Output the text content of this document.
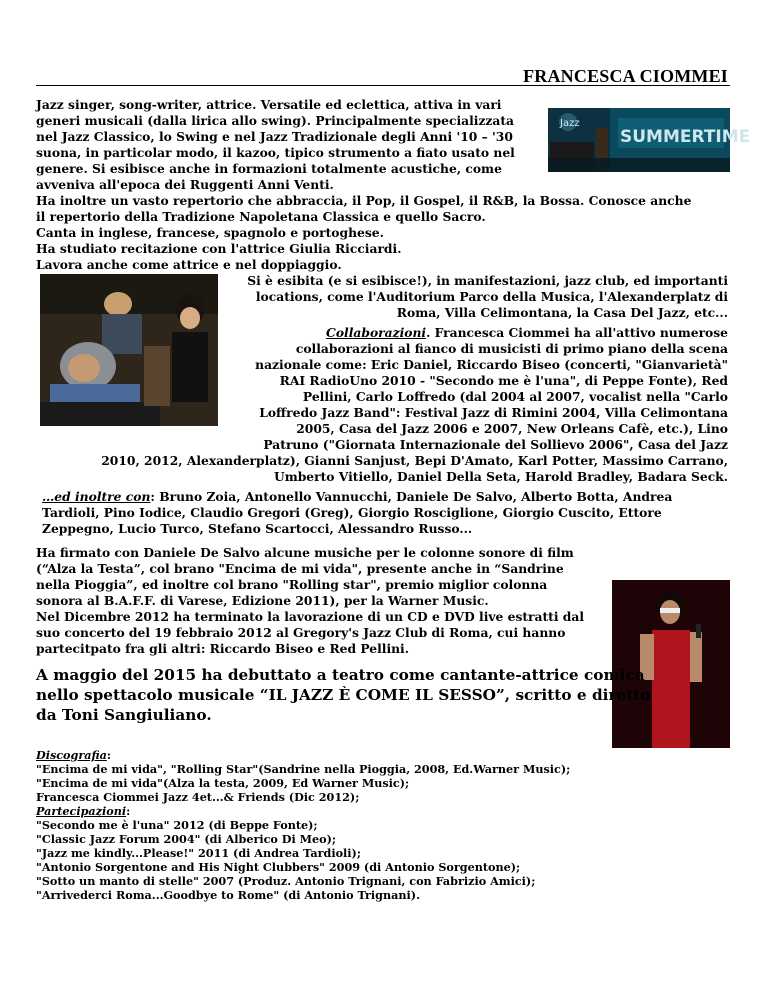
FRANCESCA CIOMMEI
Jazz
SUMMERTIME
Jazz singer, song-writer, attrice. Versatile ed eclettica, attiva in vari
generi musicali (dalla lirica allo swing). Principalmente specializzata
nel Jazz Classico, lo Swing e nel Jazz Tradizionale degli Anni '10 – '30
suona, in particolar modo, il kazoo, tipico strumento a fiato usato nel
genere. Si esibisce anche in formazioni totalmente acustiche, come
avveniva all'epoca dei Ruggenti Anni Venti.
Ha inoltre un vasto repertorio che abbraccia, il Pop, il Gospel, il R&B, la Bossa. Conosce anche
il repertorio della Tradizione Napoletana Classica e quello Sacro.
Canta in inglese, francese, spagnolo e portoghese.
Ha studiato recitazione con l'attrice Giulia Ricciardi.
Lavora anche come attrice e nel doppiaggio.
Si è esibita (e si esibisce!), in manifestazioni, jazz club, ed importanti
locations, come l'Auditorium Parco della Musica, l'Alexanderplatz di
Roma, Villa Celimontana, la Casa Del Jazz, etc...
Collaborazioni. Francesca Ciommei ha all'attivo numerose
collaborazioni al fianco di musicisti di primo piano della scena
nazionale come: Eric Daniel, Riccardo Biseo (concerti, "Gianvarietà"
RAI RadioUno 2010 - "Secondo me è l'una", di Peppe Fonte), Red
Pellini, Carlo Loffredo (dal 2004 al 2007, vocalist nella "Carlo
Loffredo Jazz Band": Festival Jazz di Rimini 2004, Villa Celimontana
2005, Casa del Jazz 2006 e 2007, New Orleans Cafè, etc.), Lino
Patruno ("Giornata Internazionale del Sollievo 2006", Casa del Jazz
2010, 2012, Alexanderplatz), Gianni Sanjust, Bepi D'Amato, Karl Potter, Massimo Carrano,
Umberto Vitiello, Daniel Della Seta, Harold Bradley, Badara Seck.
…ed inoltre con: Bruno Zoia, Antonello Vannucchi, Daniele De Salvo, Alberto Botta, Andrea
Tardioli, Pino Iodice, Claudio Gregori (Greg), Giorgio Rosciglione, Giorgio Cuscito, Ettore
Zeppegno, Lucio Turco, Stefano Scartocci, Alessandro Russo...
Ha firmato con Daniele De Salvo alcune musiche per le colonne sonore di film
(“Alza la Testa”, col brano "Encima de mi vida", presente anche in “Sandrine
nella Pioggia”, ed inoltre col brano "Rolling star", premio miglior colonna
sonora al B.A.F.F. di Varese, Edizione 2011), per la Warner Music.
Nel Dicembre 2012 ha terminato la lavorazione di un CD e DVD live estratti dal
suo concerto del 19 febbraio 2012 al Gregory's Jazz Club di Roma, cui hanno
partecitpato fra gli altri: Riccardo Biseo e Red Pellini.
A maggio del 2015 ha debuttato a teatro come cantante-attrice comica
nello spettacolo musicale “IL JAZZ È COME IL SESSO”, scritto e diretto
da Toni Sangiuliano.
Discografia:
"Encima de mi vida", "Rolling Star"(Sandrine nella Pioggia, 2008, Ed.Warner Music);
"Encima de mi vida"(Alza la testa, 2009, Ed Warner Music);
Francesca Ciommei Jazz 4et...& Friends (Dic 2012);
Partecipazioni:
"Secondo me è l'una" 2012 (di Beppe Fonte);
"Classic Jazz Forum 2004" (di Alberico Di Meo);
"Jazz me kindly...Please!" 2011 (di Andrea Tardioli);
"Antonio Sorgentone and His Night Clubbers" 2009 (di Antonio Sorgentone);
"Sotto un manto di stelle" 2007 (Produz. Antonio Trignani, con Fabrizio Amici);
"Arrivederci Roma...Goodbye to Rome" (di Antonio Trignani).
